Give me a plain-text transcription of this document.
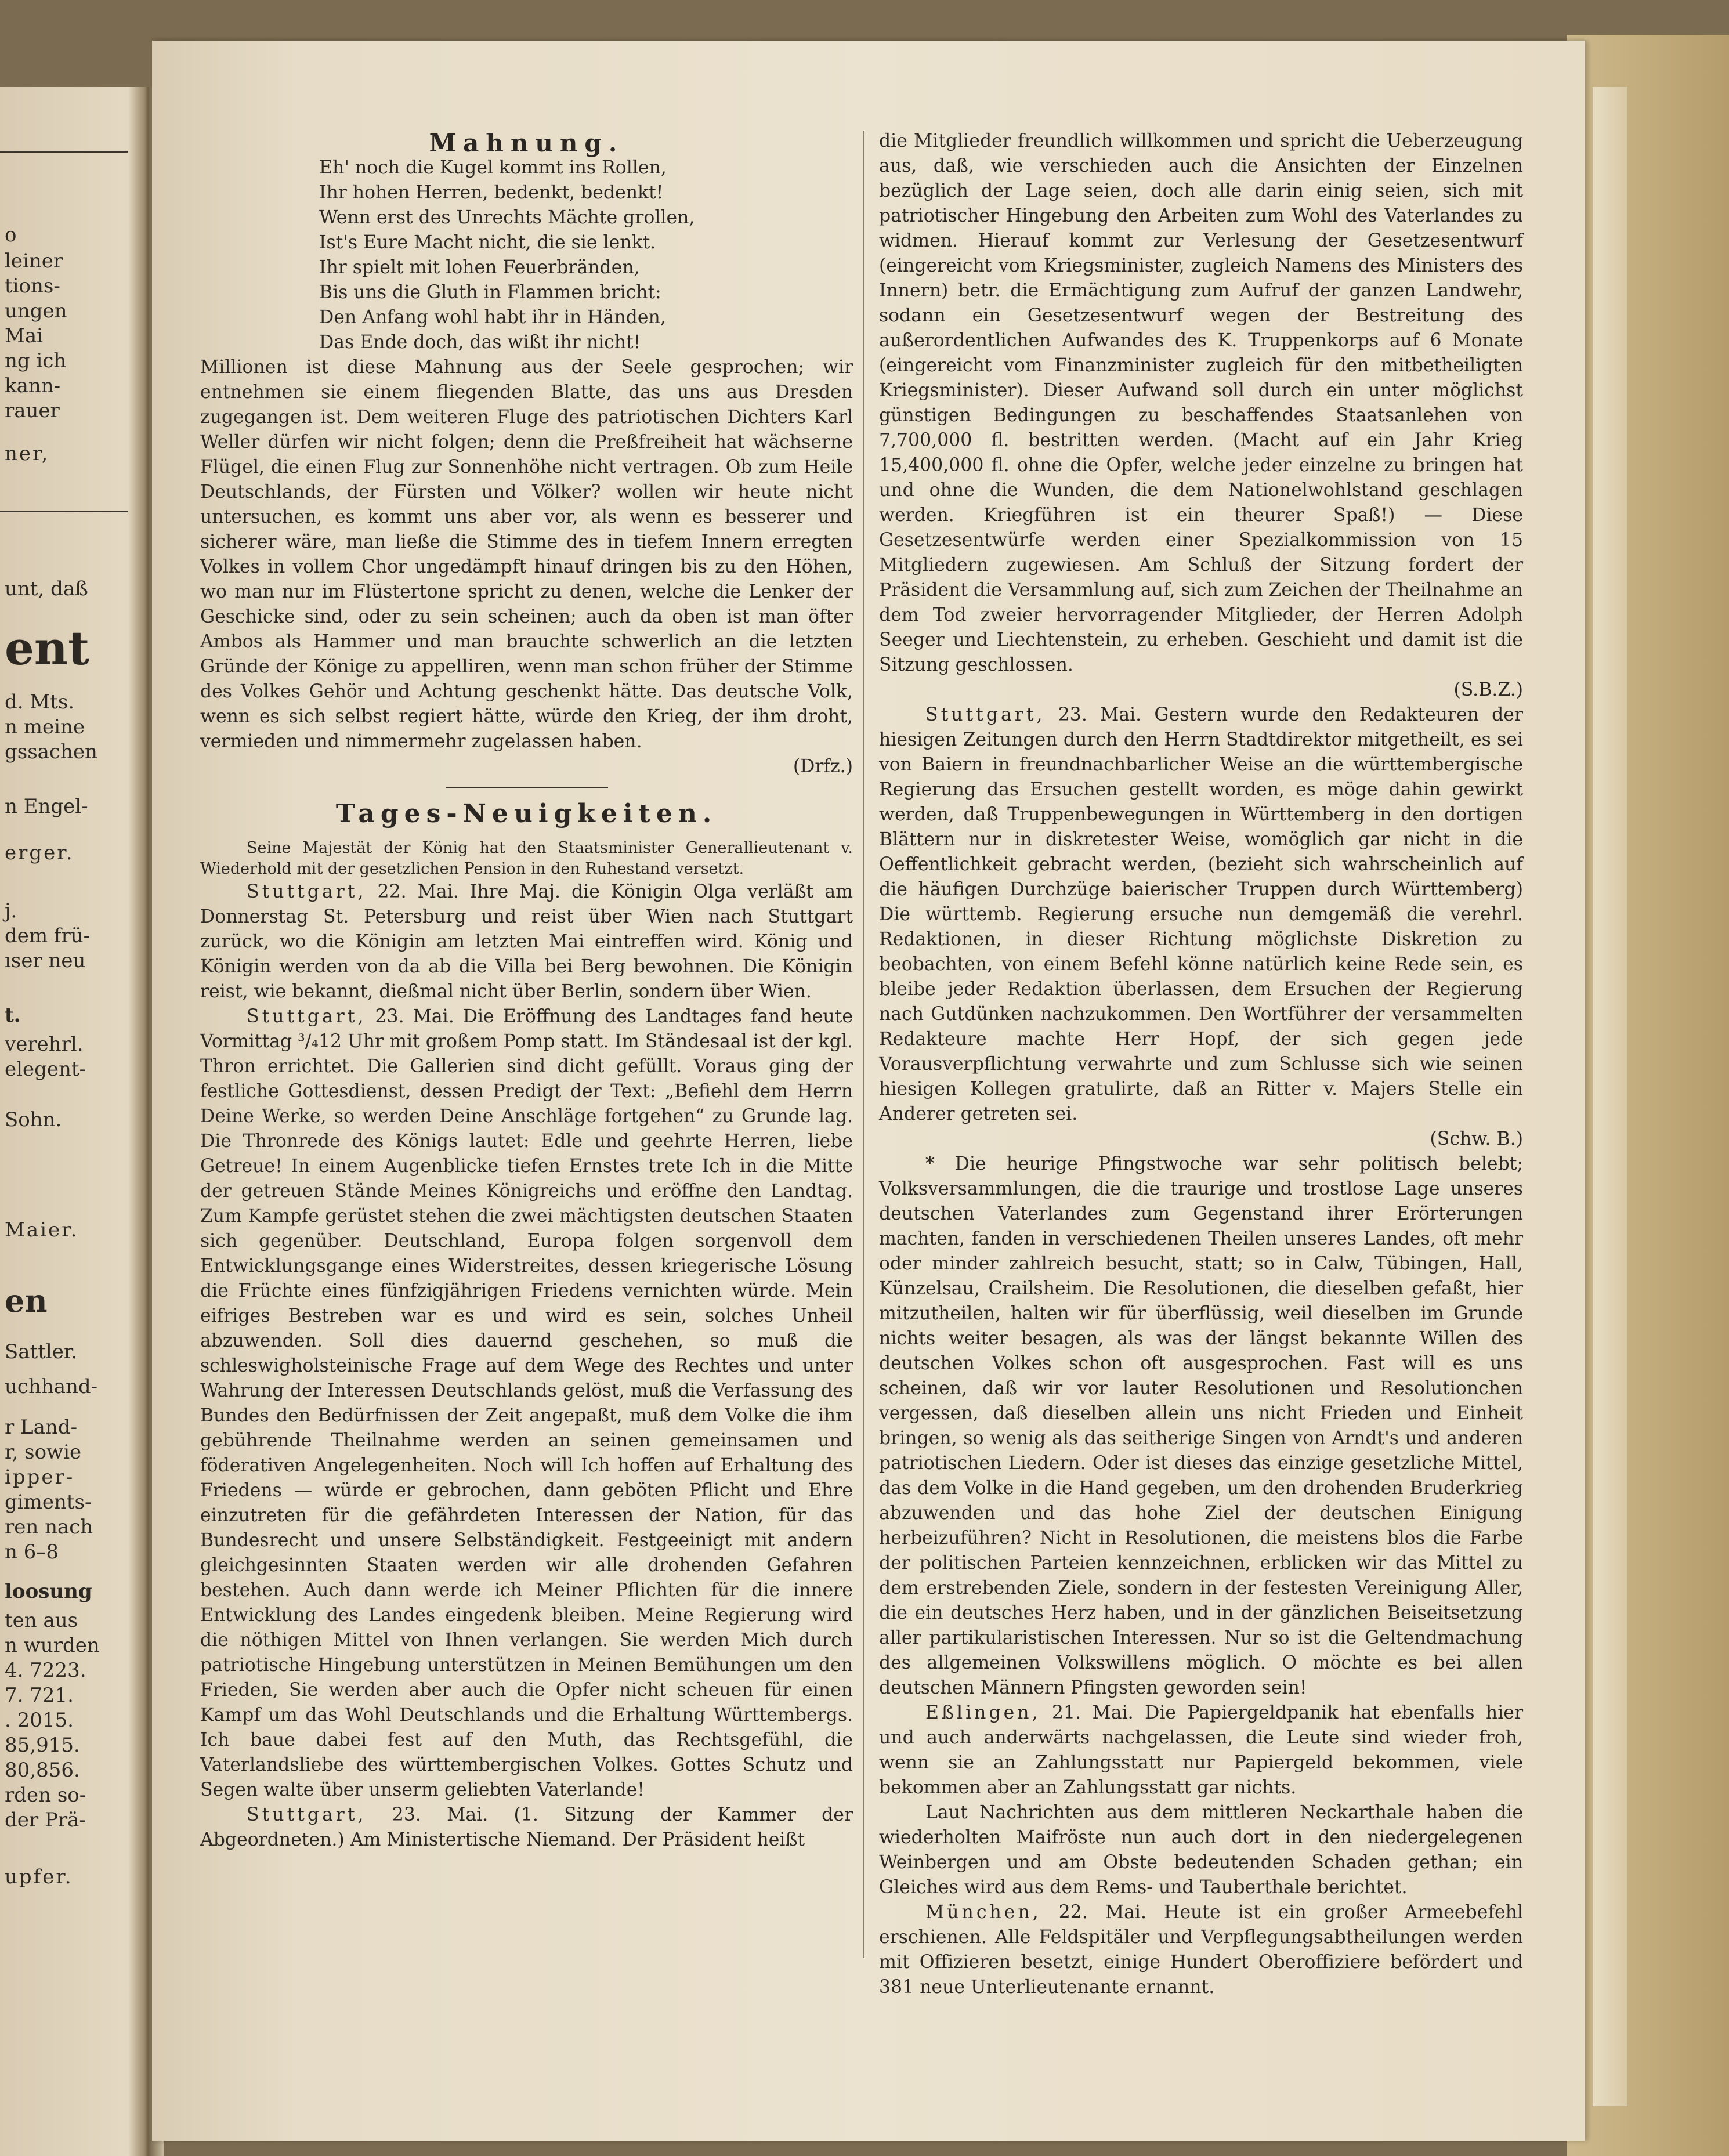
o
leiner
tions-
ungen
Mai
ng ich
kann-
rauer
ner,
unt, daß
ent
d. Mts.
n meine
gssachen
n Engel-
erger.
j.
dem frü-
ıser neu
t.
verehrl.
elegent-
Sohn.
Maier.
en
Sattler.
uchhand-
r Land-
r, sowie
ipper-
giments-
ren nach
n 6–8
loosung
ten aus
n wurden
4. 7223.
7. 721.
. 2015.
85,915.
80,856.
rden so-
der Prä-
upfer.
Mahnung.
Eh' noch die Kugel kommt ins Rollen,
Ihr hohen Herren, bedenkt, bedenkt!
Wenn erst des Unrechts Mächte grollen,
Ist's Eure Macht nicht, die sie lenkt.
Ihr spielt mit lohen Feuerbränden,
Bis uns die Gluth in Flammen bricht:
Den Anfang wohl habt ihr in Händen,
Das Ende doch, das wißt ihr nicht!

Millionen ist diese Mahnung aus der Seele gesprochen; wir entnehmen sie einem fliegenden Blatte, das uns aus Dresden zugegangen ist. Dem weiteren Fluge des patriotischen Dichters Karl Weller dürfen wir nicht folgen; denn die Preßfreiheit hat wächserne Flügel, die einen Flug zur Sonnenhöhe nicht vertragen. Ob zum Heile Deutschlands, der Fürsten und Völker? wollen wir heute nicht untersuchen, es kommt uns aber vor, als wenn es besserer und sicherer wäre, man ließe die Stimme des in tiefem Innern erregten Volkes in vollem Chor ungedämpft hinauf dringen bis zu den Höhen, wo man nur im Flüstertone spricht zu denen, welche die Lenker der Geschicke sind, oder zu sein scheinen; auch da oben ist man öfter Ambos als Hammer und man brauchte schwerlich an die letzten Gründe der Könige zu appelliren, wenn man schon früher der Stimme des Volkes Gehör und Achtung geschenkt hätte. Das deutsche Volk, wenn es sich selbst regiert hätte, würde den Krieg, der ihm droht, vermieden und nimmermehr zugelassen haben.
(Drfz.)

Tages-Neuigkeiten.

Seine Majestät der König hat den Staatsminister Generallieutenant v. Wiederhold mit der gesetzlichen Pension in den Ruhestand versetzt.

Stuttgart, 22. Mai. Ihre Maj. die Königin Olga verläßt am Donnerstag St. Petersburg und reist über Wien nach Stuttgart zurück, wo die Königin am letzten Mai eintreffen wird. König und Königin werden von da ab die Villa bei Berg bewohnen. Die Königin reist, wie bekannt, dießmal nicht über Berlin, sondern über Wien.

Stuttgart, 23. Mai. Die Eröffnung des Landtages fand heute Vormittag ³/₄12 Uhr mit großem Pomp statt. Im Ständesaal ist der kgl. Thron errichtet. Die Gallerien sind dicht gefüllt. Voraus ging der festliche Gottesdienst, dessen Predigt der Text: „Befiehl dem Herrn Deine Werke, so werden Deine Anschläge fortgehen“ zu Grunde lag. Die Thronrede des Königs lautet: Edle und geehrte Herren, liebe Getreue! In einem Augenblicke tiefen Ernstes trete Ich in die Mitte der getreuen Stände Meines Königreichs und eröffne den Landtag. Zum Kampfe gerüstet stehen die zwei mächtigsten deutschen Staaten sich gegenüber. Deutschland, Europa folgen sorgenvoll dem Entwicklungsgange eines Widerstreites, dessen kriegerische Lösung die Früchte eines fünfzigjährigen Friedens vernichten würde. Mein eifriges Bestreben war es und wird es sein, solches Unheil abzuwenden. Soll dies dauernd geschehen, so muß die schleswigholsteinische Frage auf dem Wege des Rechtes und unter Wahrung der Interessen Deutschlands gelöst, muß die Verfassung des Bundes den Bedürfnissen der Zeit angepaßt, muß dem Volke die ihm gebührende Theilnahme werden an seinen gemeinsamen und föderativen Angelegenheiten. Noch will Ich hoffen auf Erhaltung des Friedens — würde er gebrochen, dann geböten Pflicht und Ehre einzutreten für die gefährdeten Interessen der Nation, für das Bundesrecht und unsere Selbständigkeit. Festgeeinigt mit andern gleichgesinnten Staaten werden wir alle drohenden Gefahren bestehen. Auch dann werde ich Meiner Pflichten für die innere Entwicklung des Landes eingedenk bleiben. Meine Regierung wird die nöthigen Mittel von Ihnen verlangen. Sie werden Mich durch patriotische Hingebung unterstützen in Meinen Bemühungen um den Frieden, Sie werden aber auch die Opfer nicht scheuen für einen Kampf um das Wohl Deutschlands und die Erhaltung Württembergs. Ich baue dabei fest auf den Muth, das Rechtsgefühl, die Vaterlandsliebe des württembergischen Volkes. Gottes Schutz und Segen walte über unserm geliebten Vaterlande!

Stuttgart, 23. Mai. (1. Sitzung der Kammer der Abgeordneten.) Am Ministertische Niemand. Der Präsident heißt

die Mitglieder freundlich willkommen und spricht die Ueberzeugung aus, daß, wie verschieden auch die Ansichten der Einzelnen bezüglich der Lage seien, doch alle darin einig seien, sich mit patriotischer Hingebung den Arbeiten zum Wohl des Vaterlandes zu widmen. Hierauf kommt zur Verlesung der Gesetzesentwurf (eingereicht vom Kriegsminister, zugleich Namens des Ministers des Innern) betr. die Ermächtigung zum Aufruf der ganzen Landwehr, sodann ein Gesetzesentwurf wegen der Bestreitung des außerordentlichen Aufwandes des K. Truppenkorps auf 6 Monate (eingereicht vom Finanzminister zugleich für den mitbetheiligten Kriegsminister). Dieser Aufwand soll durch ein unter möglichst günstigen Bedingungen zu beschaffendes Staatsanlehen von 7,700,000 fl. bestritten werden. (Macht auf ein Jahr Krieg 15,400,000 fl. ohne die Opfer, welche jeder einzelne zu bringen hat und ohne die Wunden, die dem Nationelwohlstand geschlagen werden. Kriegführen ist ein theurer Spaß!) — Diese Gesetzesentwürfe werden einer Spezialkommission von 15 Mitgliedern zugewiesen. Am Schluß der Sitzung fordert der Präsident die Versammlung auf, sich zum Zeichen der Theilnahme an dem Tod zweier hervorragender Mitglieder, der Herren Adolph Seeger und Liechtenstein, zu erheben. Geschieht und damit ist die Sitzung geschlossen.
(S.B.Z.)

Stuttgart, 23. Mai. Gestern wurde den Redakteuren der hiesigen Zeitungen durch den Herrn Stadtdirektor mitgetheilt, es sei von Baiern in freundnachbarlicher Weise an die württembergische Regierung das Ersuchen gestellt worden, es möge dahin gewirkt werden, daß Truppenbewegungen in Württemberg in den dortigen Blättern nur in diskretester Weise, womöglich gar nicht in die Oeffentlichkeit gebracht werden, (bezieht sich wahrscheinlich auf die häufigen Durchzüge baierischer Truppen durch Württemberg) Die württemb. Regierung ersuche nun demgemäß die verehrl. Redaktionen, in dieser Richtung möglichste Diskretion zu beobachten, von einem Befehl könne natürlich keine Rede sein, es bleibe jeder Redaktion überlassen, dem Ersuchen der Regierung nach Gutdünken nachzukommen. Den Wortführer der versammelten Redakteure machte Herr Hopf, der sich gegen jede Vorausverpflichtung verwahrte und zum Schlusse sich wie seinen hiesigen Kollegen gratulirte, daß an Ritter v. Majers Stelle ein Anderer getreten sei.
(Schw. B.)

* Die heurige Pfingstwoche war sehr politisch belebt; Volksversammlungen, die die traurige und trostlose Lage unseres deutschen Vaterlandes zum Gegenstand ihrer Erörterungen machten, fanden in verschiedenen Theilen unseres Landes, oft mehr oder minder zahlreich besucht, statt; so in Calw, Tübingen, Hall, Künzelsau, Crailsheim. Die Resolutionen, die dieselben gefaßt, hier mitzutheilen, halten wir für überflüssig, weil dieselben im Grunde nichts weiter besagen, als was der längst bekannte Willen des deutschen Volkes schon oft ausgesprochen. Fast will es uns scheinen, daß wir vor lauter Resolutionen und Resolutionchen vergessen, daß dieselben allein uns nicht Frieden und Einheit bringen, so wenig als das seitherige Singen von Arndt's und anderen patriotischen Liedern. Oder ist dieses das einzige gesetzliche Mittel, das dem Volke in die Hand gegeben, um den drohenden Bruderkrieg abzuwenden und das hohe Ziel der deutschen Einigung herbeizuführen? Nicht in Resolutionen, die meistens blos die Farbe der politischen Parteien kennzeichnen, erblicken wir das Mittel zu dem erstrebenden Ziele, sondern in der festesten Vereinigung Aller, die ein deutsches Herz haben, und in der gänzlichen Beiseitsetzung aller partikularistischen Interessen. Nur so ist die Geltendmachung des allgemeinen Volkswillens möglich. O möchte es bei allen deutschen Männern Pfingsten geworden sein!

Eßlingen, 21. Mai. Die Papiergeldpanik hat ebenfalls hier und auch anderwärts nachgelassen, die Leute sind wieder froh, wenn sie an Zahlungsstatt nur Papiergeld bekommen, viele bekommen aber an Zahlungsstatt gar nichts.

Laut Nachrichten aus dem mittleren Neckarthale haben die wiederholten Maifröste nun auch dort in den niedergelegenen Weinbergen und am Obste bedeutenden Schaden gethan; ein Gleiches wird aus dem Rems- und Tauberthale berichtet.

München, 22. Mai. Heute ist ein großer Armeebefehl erschienen. Alle Feldspitäler und Verpflegungsabtheilungen werden mit Offizieren besetzt, einige Hundert Oberoffiziere befördert und 381 neue Unterlieutenante ernannt.
